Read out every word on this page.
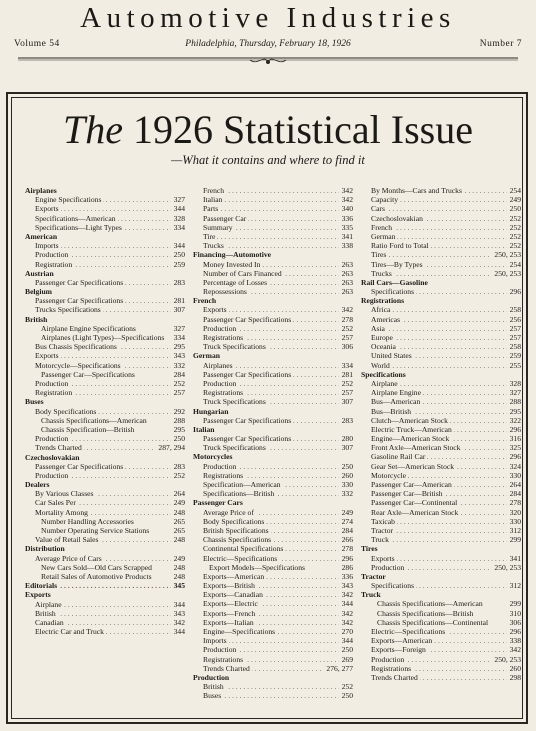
Automotive Industries
Volume 54	Philadelphia, Thursday, February 18, 1926	Number 7
The 1926 Statistical Issue
—What it contains and where to find it
Airplanes
. . . Engine Specifications	327
. . . Exports	344
. . . Specifications—American	328
. . . Specifications—Light Types	334
American
. . . Imports	344
. . . Production	250
. . . Registration	259
Austrian
. . . Passenger Car Specifications	283
Belgium
. . . Passenger Car Specifications	281
. . . Trucks Specifications	307
British
Airplane Engine Specifications	327
Airplanes (Light Types)—Specifications	334
. . . Bus Chassis Specifications	295
. . . Exports	343
. . . Motorcycle—Specifications	332
Passenger Car—Specifications	284
. . . Production	252
. . . Registration	257
Buses
. . . Body Specifications	292
Chassis Specifications—American	288
Chassis Specification—British	295
. . . Production	250
. . . Trends Charted	287, 294
Czechoslovakian
. . . Passenger Car Specifications	283
. . . Production	252
Dealers
. . . By Various Classes	264
. . . Car Sales Per	249
. . . Mortality Among	248
Number Handling Accessories	265
Number Operating Service Stations	265
. . . Value of Retail Sales	248
Distribution
. . . Average Price of Cars	249
New Cars Sold—Old Cars Scrapped	248
Retail Sales of Automotive Products	248
. . . Editorials	345
Exports
. . . Airplane	344
. . . British	343
. . . Canadian	342
. . . Electric Car and Truck	344
. . . French	342
. . . Italian	342
. . . Parts	340
. . . Passenger Car	336
. . . Summary	335
. . . Tire	341
. . . Trucks	338
Financing—Automotive
. . . Money Invested In	263
. . . Number of Cars Financed	263
. . . Percentage of Losses	263
. . . Repossessions	263
French
. . . Exports	342
. . . Passenger Car Specifications	278
. . . Production	252
. . . Registrations	257
. . . Truck Specifications	306
German
. . . Airplanes	334
. . . Passenger Car Specifications	281
. . . Production	252
. . . Registrations	257
. . . Truck Specifications	307
Hungarian
. . . Passenger Car Specifications	283
Italian
. . . Passenger Car Specifications	280
. . . Truck Specifications	307
Motorcycles
. . . Production	250
. . . Registrations	260
. . . Specification—American	330
. . . Specifications—British	332
Passenger Cars
. . . Average Price of	249
. . . Body Specifications	274
. . . British Specifications	284
. . . Chassis Specifications	266
. . . Continental Specifications	278
. . . Electric—Specifications	296
Export Models—Specifications	286
. . . Exports—American	336
. . . Exports—British	343
. . . Exports—Canadian	342
. . . Exports—Electric	344
. . . Exports—French	342
. . . Exports—Italian	342
. . . Engine—Specifications	270
. . . Imports	344
. . . Production	250
. . . Registrations	269
. . . Trends Charted	276, 277
Production
. . . British	252
. . . Buses	250
. . . By Months—Cars and Trucks	254
. . . Capacity	249
. . . Cars	250
. . . Czechoslovakian	252
. . . French	252
. . . German	252
. . . Ratio Ford to Total	252
. . . Tires	250, 253
. . . Tires—By Types	254
. . . Trucks	250, 253
Rail Cars—Gasoline
. . . Specifications	296
Registrations
. . . Africa	258
. . . Americas	256
. . . Asia	257
. . . Europe	257
. . . Oceania	258
. . . United States	259
. . . World	255
Specifications
. . . Airplane	328
. . . Airplane Engine	327
. . . Bus—American	288
. . . Bus—British	295
. . . Clutch—American Stock	322
. . . Electric Truck—American	296
. . . Engine—American Stock	316
. . . Front Axle—American Stock	325
. . . Gasoline Rail Car	296
. . . Gear Set—American Stock	324
. . . Motorcycle	330
. . . Passenger Car—American	264
. . . Passenger Car—British	284
. . . Passenger Car—Continental	278
. . . Rear Axle—American Stock	320
. . . Taxicab	330
. . . Tractor	312
. . . Truck	299
Tires
. . . Exports	341
. . . Production	250, 253
Tractor
. . . Specifications	312
Truck
Chassis Specifications—American	299
Chassis Specifications—British	310
Chassis Specifications—Continental	306
. . . Electric—Specifications	296
. . . Exports—American	338
. . . Exports—Foreign	342
. . . Production	250, 253
. . . Registrations	260
. . . Trends Charted	298
